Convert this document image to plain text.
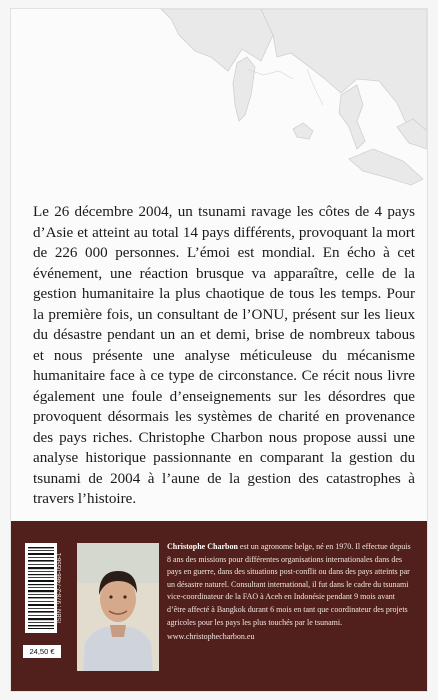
Le 26 décembre 2004, un tsunami ravage les côtes de 4 pays d’Asie et atteint au total 14 pays différents, provoquant la mort de 226 000 personnes. L’émoi est mondial. En écho à cet événement, une réaction brusque va apparaître, celle de la gestion humanitaire la plus chaotique de tous les temps. Pour la première fois, un consultant de l’ONU, présent sur les lieux du désastre pendant un an et demi, brise de nombreux tabous et nous présente une analyse méticuleuse du mécanisme humanitaire face à ce type de circonstance. Ce récit nous livre également une foule d’enseignements sur les désordres que provoquent désormais les systèmes de charité en provenance des pays riches. Christophe Charbon nous propose aussi une analyse historique passionnante en comparant la gestion du tsunami de 2004 à l’aune de la gestion des catastrophes à travers l’histoire.

ISBN : 978-2-7466-0556-1
24,50 €

Christophe Charbon est un agronome belge, né en 1970. Il effectue depuis 8 ans des missions pour différentes organisations internationales dans des pays en guerre, dans des situations post-conflit ou dans des pays atteints par un désastre naturel. Consultant international, il fut dans le cadre du tsunami vice-coordinateur de la FAO à Aceh en Indonésie pendant 9 mois avant d’être affecté à Bangkok durant 6 mois en tant que coordinateur des projets agricoles pour les pays les plus touchés par le tsunami.
www.christophecharbon.eu
